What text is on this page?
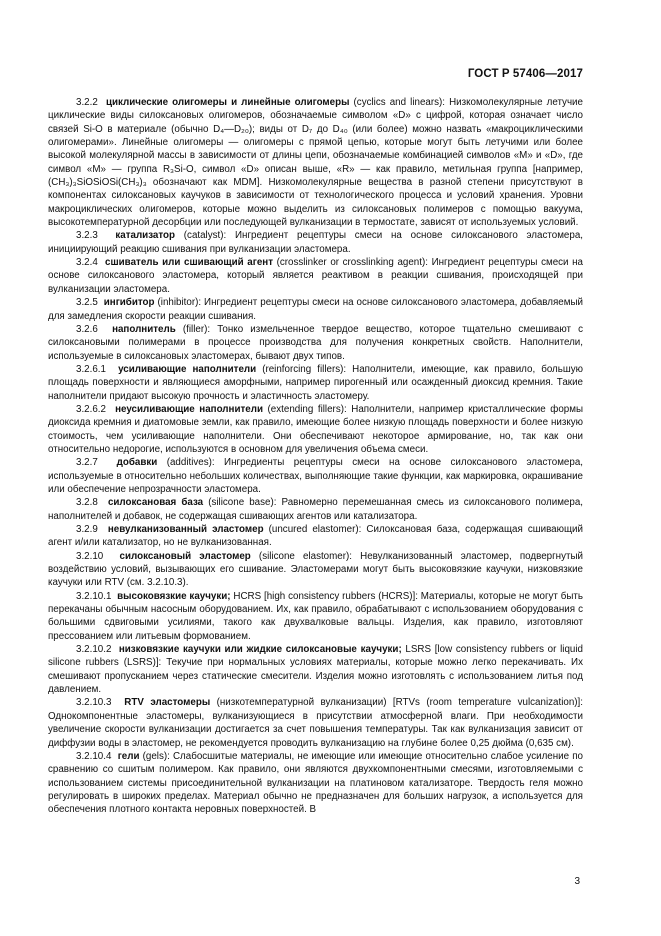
ГОСТ Р 57406—2017

3.2.2 циклические олигомеры и линейные олигомеры (cyclics and linears): Низкомолекулярные летучие циклические виды силоксановых олигомеров, обозначаемые символом «D» с цифрой, которая означает число связей Si-O в материале (обычно D₄—D₂₀); виды от D₇ до D₄₀ (или более) можно назвать «макроциклическими олигомерами». Линейные олигомеры — олигомеры с прямой цепью, которые могут быть летучими или более высокой молекулярной массы в зависимости от длины цепи, обозначаемые комбинацией символов «М» и «D», где символ «М» — группа R₃Si-O, символ «D» описан выше, «R» — как правило, метильная группа [например, (CH₃)₃SiOSiOSi(CH₃)₃ обозначают как MDM]. Низкомолекулярные вещества в разной степени присутствуют в компонентах силоксановых каучуков в зависимости от технологического процесса и условий хранения. Уровни макроциклических олигомеров, которые можно выделить из силоксановых полимеров с помощью вакуума, высокотемпературной десорбции или последующей вулканизации в термостате, зависят от используемых условий.

3.2.3 катализатор (catalyst): Ингредиент рецептуры смеси на основе силоксанового эластомера, инициирующий реакцию сшивания при вулканизации эластомера.

3.2.4 сшиватель или сшивающий агент (crosslinker or crosslinking agent): Ингредиент рецептуры смеси на основе силоксанового эластомера, который является реактивом в реакции сшивания, происходящей при вулканизации эластомера.

3.2.5 ингибитор (inhibitor): Ингредиент рецептуры смеси на основе силоксанового эластомера, добавляемый для замедления скорости реакции сшивания.

3.2.6 наполнитель (filler): Тонко измельченное твердое вещество, которое тщательно смешивают с силоксановыми полимерами в процессе производства для получения конкретных свойств. Наполнители, используемые в силоксановых эластомерах, бывают двух типов.

3.2.6.1 усиливающие наполнители (reinforcing fillers): Наполнители, имеющие, как правило, большую площадь поверхности и являющиеся аморфными, например пирогенный или осажденный диоксид кремния. Такие наполнители придают высокую прочность и эластичность эластомеру.

3.2.6.2 неусиливающие наполнители (extending fillers): Наполнители, например кристаллические формы диоксида кремния и диатомовые земли, как правило, имеющие более низкую площадь поверхности и более низкую стоимость, чем усиливающие наполнители. Они обеспечивают некоторое армирование, но, так как они относительно недорогие, используются в основном для увеличения объема смеси.

3.2.7 добавки (additives): Ингредиенты рецептуры смеси на основе силоксанового эластомера, используемые в относительно небольших количествах, выполняющие такие функции, как маркировка, окрашивание или обеспечение непрозрачности эластомера.

3.2.8 силоксановая база (silicone base): Равномерно перемешанная смесь из силоксанового полимера, наполнителей и добавок, не содержащая сшивающих агентов или катализатора.

3.2.9 невулканизованный эластомер (uncured elastomer): Силоксановая база, содержащая сшивающий агент и/или катализатор, но не вулканизованная.

3.2.10 силоксановый эластомер (silicone elastomer): Невулканизованный эластомер, подвергнутый воздействию условий, вызывающих его сшивание. Эластомерами могут быть высоковязкие каучуки, низковязкие каучуки или RTV (см. 3.2.10.3).

3.2.10.1 высоковязкие каучуки; HCRS [high consistency rubbers (HCRS)]: Материалы, которые не могут быть перекачаны обычным насосным оборудованием. Их, как правило, обрабатывают с использованием оборудования с большими сдвиговыми усилиями, такого как двухвалковые вальцы. Изделия, как правило, изготовляют прессованием или литьевым формованием.

3.2.10.2 низковязкие каучуки или жидкие силоксановые каучуки; LSRS [low consistency rubbers or liquid silicone rubbers (LSRS)]: Текучие при нормальных условиях материалы, которые можно легко перекачивать. Их смешивают пропусканием через статические смесители. Изделия можно изготовлять с использованием литья под давлением.

3.2.10.3 RTV эластомеры (низкотемпературной вулканизации) [RTVs (room temperature vulcanization)]: Однокомпонентные эластомеры, вулканизующиеся в присутствии атмосферной влаги. При необходимости увеличение скорости вулканизации достигается за счет повышения температуры. Так как вулканизация зависит от диффузии воды в эластомер, не рекомендуется проводить вулканизацию на глубине более 0,25 дюйма (0,635 см).

3.2.10.4 гели (gels): Слабосшитые материалы, не имеющие или имеющие относительно слабое усиление по сравнению со сшитым полимером. Как правило, они являются двухкомпонентными смесями, изготовляемыми с использованием системы присоединительной вулканизации на платиновом катализаторе. Твердость геля можно регулировать в широких пределах. Материал обычно не предназначен для больших нагрузок, а используется для обеспечения плотного контакта неровных поверхностей. В

3
